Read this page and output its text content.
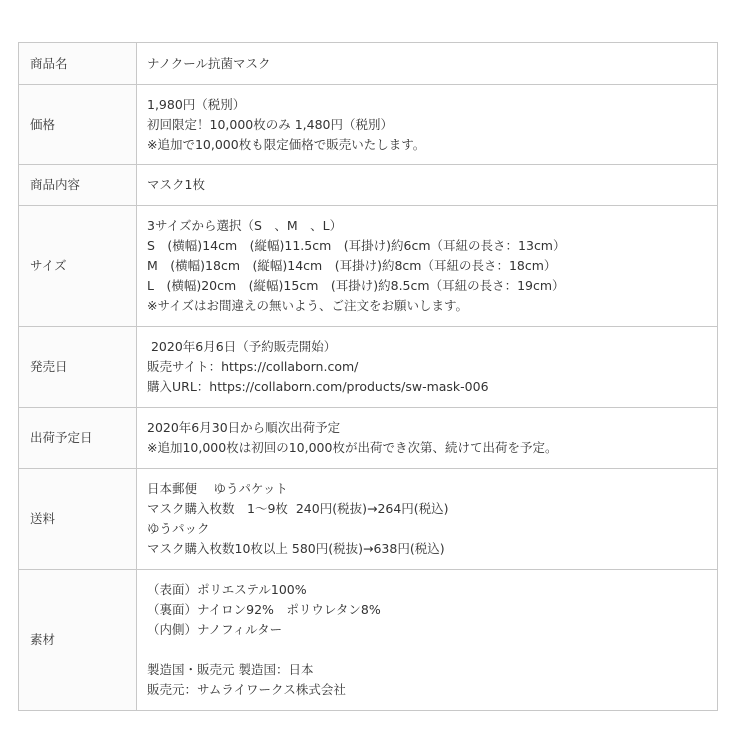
商品名	ナノクール抗菌マスク

価格	1,980円（税別）
初回限定！10,000枚のみ 1,480円（税別）
※追加で10,000枚も限定価格で販売いたします。

商品内容	マスク1枚

サイズ	3サイズから選択（S　、M　、L）
S　(横幅)14cm　(縦幅)11.5cm　(耳掛け)約6cm（耳紐の長さ：13cm）
M　(横幅)18cm　(縦幅)14cm　(耳掛け)約8cm（耳紐の長さ：18cm）
L　(横幅)20cm　(縦幅)15cm　(耳掛け)約8.5cm（耳紐の長さ：19cm）
※サイズはお間違えの無いよう、ご注文をお願いします。

発売日	2020年6月6日（予約販売開始）
販売サイト：https://collaborn.com/
購入URL：https://collaborn.com/products/sw-mask-006

出荷予定日	2020年6月30日から順次出荷予定
※追加10,000枚は初回の10,000枚が出荷でき次第、続けて出荷を予定。

送料	日本郵便　 ゆうパケット
マスク購入枚数　1〜9枚  240円(税抜)→264円(税込)
ゆうパック
マスク購入枚数10枚以上 580円(税抜)→638円(税込)

素材	（表面）ポリエステル100%
（裏面）ナイロン92%　ポリウレタン8%
（内側）ナノフィルター
製造国・販売元 製造国：日本
販売元：サムライワークス株式会社
